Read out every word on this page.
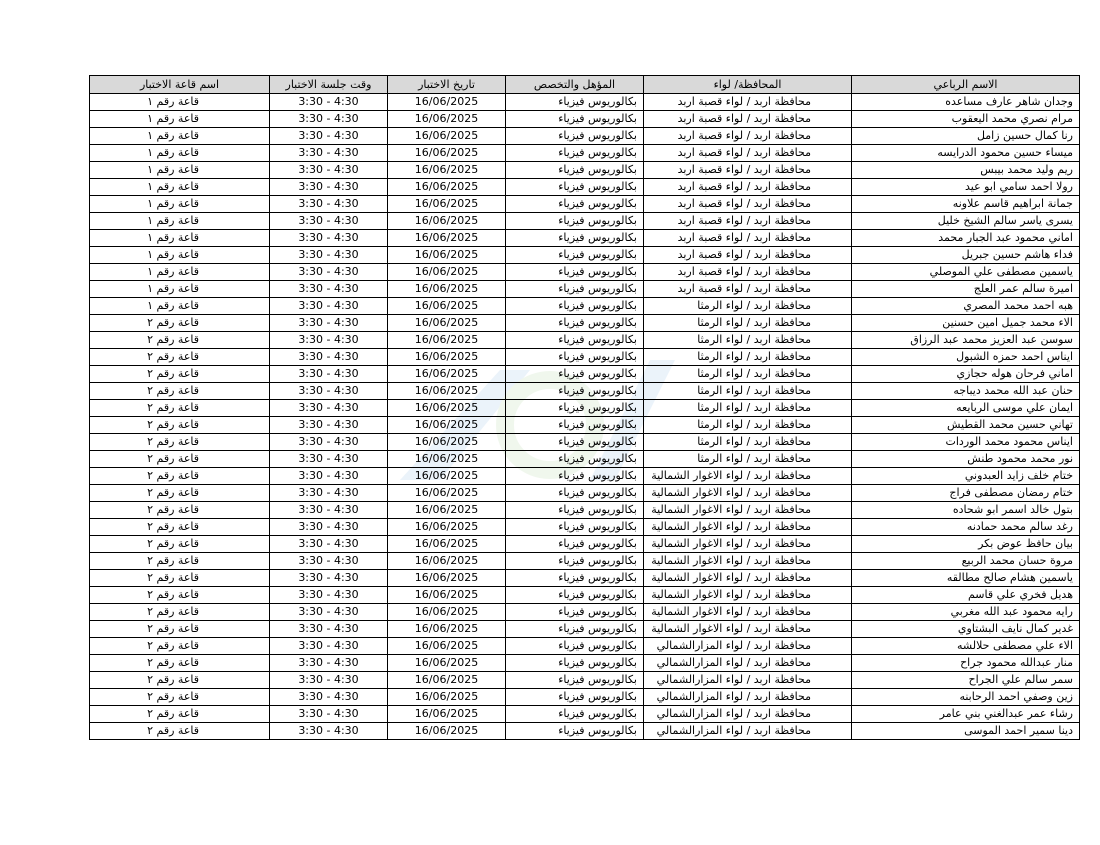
الاسم الرباعي	المحافظة/ لواء	المؤهل والتخصص	تاريخ الاختبار	وقت جلسة الاختبار	اسم قاعة الاختبار
وجدان شاهر عارف مساعده	محافظة اربد / لواء قصبة اربد	بكالوريوس فيزياء	16/06/2025	3:30 - 4:30	قاعة رقم ١
مرام نصري محمد اليعقوب	محافظة اربد / لواء قصبة اربد	بكالوريوس فيزياء	16/06/2025	3:30 - 4:30	قاعة رقم ١
رنا كمال حسين زامل	محافظة اربد / لواء قصبة اربد	بكالوريوس فيزياء	16/06/2025	3:30 - 4:30	قاعة رقم ١
ميساء حسين محمود الدرايسه	محافظة اربد / لواء قصبة اربد	بكالوريوس فيزياء	16/06/2025	3:30 - 4:30	قاعة رقم ١
ريم وليد محمد بيبس	محافظة اربد / لواء قصبة اربد	بكالوريوس فيزياء	16/06/2025	3:30 - 4:30	قاعة رقم ١
رولا احمد سامي ابو عيد	محافظة اربد / لواء قصبة اربد	بكالوريوس فيزياء	16/06/2025	3:30 - 4:30	قاعة رقم ١
جمانة ابراهيم قاسم علاونه	محافظة اربد / لواء قصبة اربد	بكالوريوس فيزياء	16/06/2025	3:30 - 4:30	قاعة رقم ١
يسرى ياسر سالم الشيخ خليل	محافظة اربد / لواء قصبة اربد	بكالوريوس فيزياء	16/06/2025	3:30 - 4:30	قاعة رقم ١
اماني محمود عبد الجبار محمد	محافظة اربد / لواء قصبة اربد	بكالوريوس فيزياء	16/06/2025	3:30 - 4:30	قاعة رقم ١
فداء هاشم حسين جبريل	محافظة اربد / لواء قصبة اربد	بكالوريوس فيزياء	16/06/2025	3:30 - 4:30	قاعة رقم ١
ياسمين مصطفى علي الموصلي	محافظة اربد / لواء قصبة اربد	بكالوريوس فيزياء	16/06/2025	3:30 - 4:30	قاعة رقم ١
اميرة سالم عمر العلج	محافظة اربد / لواء قصبة اربد	بكالوريوس فيزياء	16/06/2025	3:30 - 4:30	قاعة رقم ١
هبه احمد محمد المصري	محافظة اربد / لواء الرمثا	بكالوريوس فيزياء	16/06/2025	3:30 - 4:30	قاعة رقم ١
الاء محمد جميل امين حسنين	محافظة اربد / لواء الرمثا	بكالوريوس فيزياء	16/06/2025	3:30 - 4:30	قاعة رقم ٢
سوسن عبد العزيز محمد عبد الرزاق	محافظة اربد / لواء الرمثا	بكالوريوس فيزياء	16/06/2025	3:30 - 4:30	قاعة رقم ٢
ايناس احمد حمزه الشبول	محافظة اربد / لواء الرمثا	بكالوريوس فيزياء	16/06/2025	3:30 - 4:30	قاعة رقم ٢
اماني فرحان هوله حجازي	محافظة اربد / لواء الرمثا	بكالوريوس فيزياء	16/06/2025	3:30 - 4:30	قاعة رقم ٢
حنان عبد الله محمد ديباجه	محافظة اربد / لواء الرمثا	بكالوريوس فيزياء	16/06/2025	3:30 - 4:30	قاعة رقم ٢
ايمان علي موسى الربايعه	محافظة اربد / لواء الرمثا	بكالوريوس فيزياء	16/06/2025	3:30 - 4:30	قاعة رقم ٢
تهاني حسين محمد القطيش	محافظة اربد / لواء الرمثا	بكالوريوس فيزياء	16/06/2025	3:30 - 4:30	قاعة رقم ٢
ايناس محمود محمد الوردات	محافظة اربد / لواء الرمثا	بكالوريوس فيزياء	16/06/2025	3:30 - 4:30	قاعة رقم ٢
نور محمد محمود طنش	محافظة اربد / لواء الرمثا	بكالوريوس فيزياء	16/06/2025	3:30 - 4:30	قاعة رقم ٢
ختام خلف زايد العبدوني	محافظة اربد / لواء الاغوار الشمالية	بكالوريوس فيزياء	16/06/2025	3:30 - 4:30	قاعة رقم ٢
ختام رمضان مصطفى فراج	محافظة اربد / لواء الاغوار الشمالية	بكالوريوس فيزياء	16/06/2025	3:30 - 4:30	قاعة رقم ٢
بتول خالد اسمر ابو شحاده	محافظة اربد / لواء الاغوار الشمالية	بكالوريوس فيزياء	16/06/2025	3:30 - 4:30	قاعة رقم ٢
رغد سالم محمد حمادنه	محافظة اربد / لواء الاغوار الشمالية	بكالوريوس فيزياء	16/06/2025	3:30 - 4:30	قاعة رقم ٢
بيان حافظ عوض بكر	محافظة اربد / لواء الاغوار الشمالية	بكالوريوس فيزياء	16/06/2025	3:30 - 4:30	قاعة رقم ٢
مروة حسان محمد الربيع	محافظة اربد / لواء الاغوار الشمالية	بكالوريوس فيزياء	16/06/2025	3:30 - 4:30	قاعة رقم ٢
ياسمين هشام صالح مطالقه	محافظة اربد / لواء الاغوار الشمالية	بكالوريوس فيزياء	16/06/2025	3:30 - 4:30	قاعة رقم ٢
هديل فخري علي قاسم	محافظة اربد / لواء الاغوار الشمالية	بكالوريوس فيزياء	16/06/2025	3:30 - 4:30	قاعة رقم ٢
رايه محمود عبد الله مغربي	محافظة اربد / لواء الاغوار الشمالية	بكالوريوس فيزياء	16/06/2025	3:30 - 4:30	قاعة رقم ٢
غدير كمال نايف البشتاوي	محافظة اربد / لواء الاغوار الشمالية	بكالوريوس فيزياء	16/06/2025	3:30 - 4:30	قاعة رقم ٢
الاء علي مصطفى حلالشه	محافظة اربد / لواء المزارالشمالي	بكالوريوس فيزياء	16/06/2025	3:30 - 4:30	قاعة رقم ٢
منار عبدالله محمود جراح	محافظة اربد / لواء المزارالشمالي	بكالوريوس فيزياء	16/06/2025	3:30 - 4:30	قاعة رقم ٢
سمر سالم علي الجراح	محافظة اربد / لواء المزارالشمالي	بكالوريوس فيزياء	16/06/2025	3:30 - 4:30	قاعة رقم ٢
زين وصفي احمد الرحابنه	محافظة اربد / لواء المزارالشمالي	بكالوريوس فيزياء	16/06/2025	3:30 - 4:30	قاعة رقم ٢
رشاء عمر عبدالغني بني عامر	محافظة اربد / لواء المزارالشمالي	بكالوريوس فيزياء	16/06/2025	3:30 - 4:30	قاعة رقم ٢
دينا سمير احمد الموسى	محافظة اربد / لواء المزارالشمالي	بكالوريوس فيزياء	16/06/2025	3:30 - 4:30	قاعة رقم ٢
